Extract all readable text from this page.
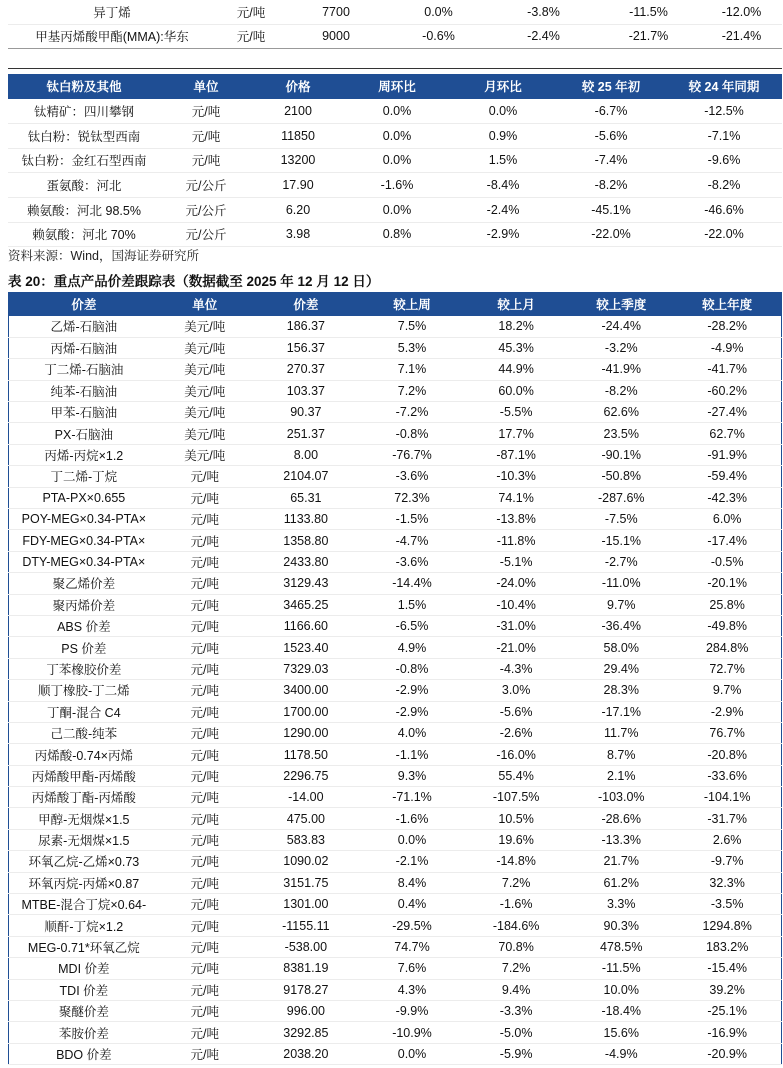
异丁烯	元/吨	7700	0.0%	-3.8%	-11.5%	-12.0%
甲基丙烯酸甲酯(MMA):华东	元/吨	9000	-0.6%	-2.4%	-21.7%	-21.4%
钛白粉及其他	单位	价格	周环比	月环比	较 25 年初	较 24 年同期
钛精矿：四川攀钢	元/吨	2100	0.0%	0.0%	-6.7%	-12.5%
钛白粉：锐钛型西南	元/吨	11850	0.0%	0.9%	-5.6%	-7.1%
钛白粉：金红石型西南	元/吨	13200	0.0%	1.5%	-7.4%	-9.6%
蛋氨酸：河北	元/公斤	17.90	-1.6%	-8.4%	-8.2%	-8.2%
赖氨酸：河北 98.5%	元/公斤	6.20	0.0%	-2.4%	-45.1%	-46.6%
赖氨酸：河北 70%	元/公斤	3.98	0.8%	-2.9%	-22.0%	-22.0%
资料来源：Wind，国海证券研究所
表 20：重点产品价差跟踪表（数据截至 2025 年 12 月 12 日）
价差	单位	价差	较上周	较上月	较上季度	较上年度
乙烯-石脑油	美元/吨	186.37	7.5%	18.2%	-24.4%	-28.2%
丙烯-石脑油	美元/吨	156.37	5.3%	45.3%	-3.2%	-4.9%
丁二烯-石脑油	美元/吨	270.37	7.1%	44.9%	-41.9%	-41.7%
纯苯-石脑油	美元/吨	103.37	7.2%	60.0%	-8.2%	-60.2%
甲苯-石脑油	美元/吨	90.37	-7.2%	-5.5%	62.6%	-27.4%
PX-石脑油	美元/吨	251.37	-0.8%	17.7%	23.5%	62.7%
丙烯-丙烷×1.2	美元/吨	8.00	-76.7%	-87.1%	-90.1%	-91.9%
丁二烯-丁烷	元/吨	2104.07	-3.6%	-10.3%	-50.8%	-59.4%
PTA-PX×0.655	元/吨	65.31	72.3%	74.1%	-287.6%	-42.3%
POY-MEG×0.34-PTA×	元/吨	1133.80	-1.5%	-13.8%	-7.5%	6.0%
FDY-MEG×0.34-PTA×	元/吨	1358.80	-4.7%	-11.8%	-15.1%	-17.4%
DTY-MEG×0.34-PTA×	元/吨	2433.80	-3.6%	-5.1%	-2.7%	-0.5%
聚乙烯价差	元/吨	3129.43	-14.4%	-24.0%	-11.0%	-20.1%
聚丙烯价差	元/吨	3465.25	1.5%	-10.4%	9.7%	25.8%
ABS 价差	元/吨	1166.60	-6.5%	-31.0%	-36.4%	-49.8%
PS 价差	元/吨	1523.40	4.9%	-21.0%	58.0%	284.8%
丁苯橡胶价差	元/吨	7329.03	-0.8%	-4.3%	29.4%	72.7%
顺丁橡胶-丁二烯	元/吨	3400.00	-2.9%	3.0%	28.3%	9.7%
丁酮-混合 C4	元/吨	1700.00	-2.9%	-5.6%	-17.1%	-2.9%
己二酸-纯苯	元/吨	1290.00	4.0%	-2.6%	11.7%	76.7%
丙烯酸-0.74×丙烯	元/吨	1178.50	-1.1%	-16.0%	8.7%	-20.8%
丙烯酸甲酯-丙烯酸	元/吨	2296.75	9.3%	55.4%	2.1%	-33.6%
丙烯酸丁酯-丙烯酸	元/吨	-14.00	-71.1%	-107.5%	-103.0%	-104.1%
甲醇-无烟煤×1.5	元/吨	475.00	-1.6%	10.5%	-28.6%	-31.7%
尿素-无烟煤×1.5	元/吨	583.83	0.0%	19.6%	-13.3%	2.6%
环氧乙烷-乙烯×0.73	元/吨	1090.02	-2.1%	-14.8%	21.7%	-9.7%
环氧丙烷-丙烯×0.87	元/吨	3151.75	8.4%	7.2%	61.2%	32.3%
MTBE-混合丁烷×0.64-	元/吨	1301.00	0.4%	-1.6%	3.3%	-3.5%
顺酐-丁烷×1.2	元/吨	-1155.11	-29.5%	-184.6%	90.3%	1294.8%
MEG-0.71*环氧乙烷	元/吨	-538.00	74.7%	70.8%	478.5%	183.2%
MDI 价差	元/吨	8381.19	7.6%	7.2%	-11.5%	-15.4%
TDI 价差	元/吨	9178.27	4.3%	9.4%	10.0%	39.2%
聚醚价差	元/吨	996.00	-9.9%	-3.3%	-18.4%	-25.1%
苯胺价差	元/吨	3292.85	-10.9%	-5.0%	15.6%	-16.9%
BDO 价差	元/吨	2038.20	0.0%	-5.9%	-4.9%	-20.9%
